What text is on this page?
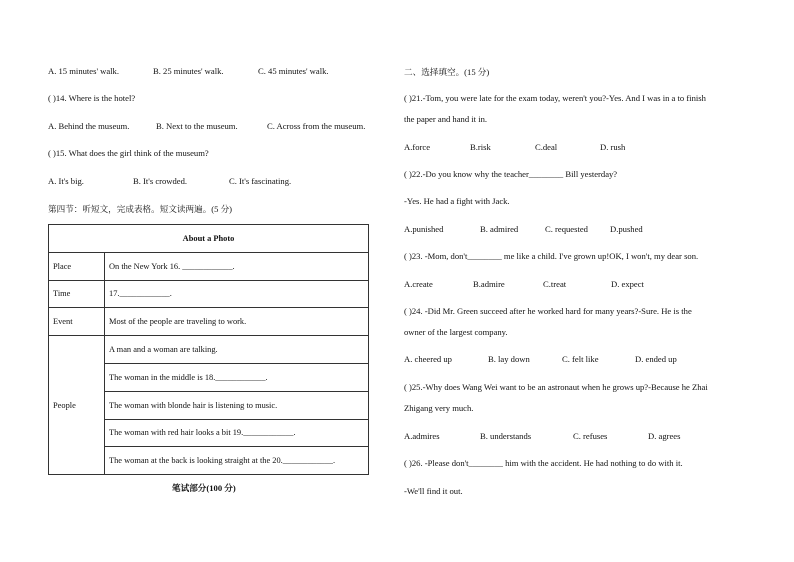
A. 15 minutes' walk.	B. 25 minutes' walk.	C. 45 minutes' walk.
( )14. Where is the hotel?
A. Behind the museum.	B. Next to the museum.	C. Across from the museum.
( )15. What does the girl think of the museum?
A. It's big.	B. It's crowded.	C. It's fascinating.
第四节：听短文，完成表格。短文读两遍。(5 分)
About a Photo	
Place	On the New York 16. ____________.
Time	17.____________.
Event	Most of the people are traveling to work.
People	A man and a woman are talking.
	The woman in the middle is 18.____________.
	The woman with blonde hair is listening to music.
	The woman with red hair looks a bit 19.____________.
	The woman at the back is looking straight at the 20.____________.
笔试部分(100 分)
二、选择填空。(15 分)
( )21.-Tom, you were late for the exam today, weren't you?-Yes. And I was in a to finish
the paper and hand it in.
A.force	B.risk	C.deal	D. rush
( )22.-Do you know why the teacher________ Bill yesterday?
-Yes. He had a fight with Jack.
A.punished	B. admired	C. requested	D.pushed
( )23. -Mom, don't________ me like a child. I've grown up!OK, I won't, my dear son.
A.create	B.admire	C.treat	D. expect
( )24. -Did Mr. Green succeed after he worked hard for many years?-Sure. He is the
owner of the largest company.
A. cheered up	B. lay down	C. felt like	D. ended up
( )25.-Why does Wang Wei want to be an astronaut when he grows up?-Because he Zhai
Zhigang very much.
A.admires	B. understands	C. refuses	D. agrees
( )26. -Please don't________ him with the accident. He had nothing to do with it.
-We'll find it out.
